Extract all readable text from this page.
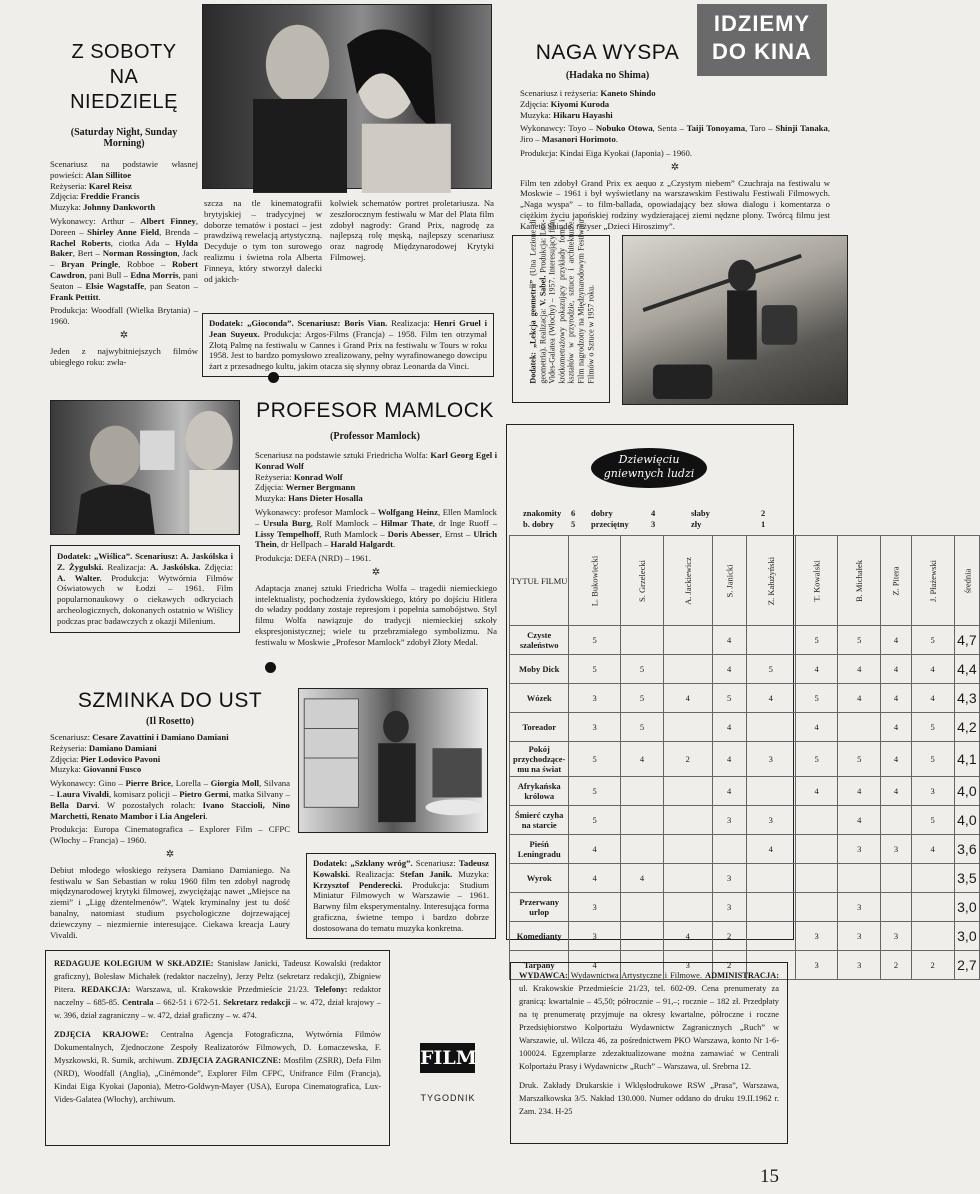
IDZIEMY
DO KINA
Z SOBOTY
NA
NIEDZIELĘ
(Saturday Night, Sunday Morning)

Scenariusz na podstawie własnej powieści: Alan Sillitoe
Reżyseria: Karel Reisz
Zdjęcia: Freddie Francis
Muzyka: Johnny Dankworth

Wykonawcy: Arthur – Albert Finney, Doreen – Shirley Anne Field, Brenda – Rachel Roberts, ciotka Ada – Hylda Baker, Bert – Norman Rossington, Jack – Bryan Pringle, Robboe – Robert Cawdron, pani Bull – Edna Morris, pani Seaton – Elsie Wagstaffe, pan Seaton – Frank Pettitt.

Produkcja: Woodfall (Wielka Brytania) – 1960.

✲

Jeden z najwybitniejszych filmów ubiegłego roku: zwła-

szcza na tle kinematografii brytyjskiej – tradycyjnej w doborze tematów i postaci – jest prawdziwą rewelacją artystyczną. Decyduje o tym ton surowego realizmu i świetna rola Alberta Finneya, który stworzył dalecki od jakich-
kolwiek schematów portret proletariusza. Na zeszłorocznym festiwalu w Mar del Plata film zdobył nagrody: Grand Prix, nagrodę za najlepszą rolę męską, najlepszy scenariusz oraz nagrodę Międzynarodowej Krytyki Filmowej.
Dodatek: „Gioconda”. Scenariusz: Boris Vian. Realizacja: Henri Gruel i Jean Suyeux. Produkcja: Argos-Films (Francja) – 1958. Film ten otrzymał Złotą Palmę na festiwalu w Cannes i Grand Prix na festiwalu w Tours w roku 1958. Jest to bardzo pomysłowo zrealizowany, pełny wyrafinowanego dowcipu żart z przesadnego kultu, jakim otacza się słynny obraz Leonarda da Vinci.
NAGA WYSPA
(Hadaka no Shima)

Scenariusz i reżyseria: Kaneto Shindo
Zdjęcia: Kiyomi Kuroda
Muzyka: Hikaru Hayashi

Wykonawcy: Toyo – Nobuko Otowa, Senta – Taiji Tonoyama, Taro – Shinji Tanaka, Jiro – Masanori Horimoto.

Produkcja: Kindai Eiga Kyokai (Japonia) – 1960.

✲

Film ten zdobył Grand Prix ex aequo z „Czystym niebem” Czuchraja na festiwalu w Moskwie – 1961 i był wyświetlany na warszawskim Festiwalu Festiwali Filmowych. „Naga wyspa” – to film-ballada, opowiadający bez słowa dialogu i komentarza o ciężkim życiu japońskiej rodziny wydzierającej ziemi nędzne plony. Twórcą filmu jest Kaneto Shindo, reżyser „Dzieci Hiroszimy”.

Dodatek: „Lekcja geometrii” (Una Lezione di geometria). Realizacja: V. Sabel. Produkcja: Lux-Vides-Galatea (Włochy) – 1957. Interesujący film krótkometrażowy pokazujący przykłady form i kształtów w przyrodzie, sztuce i architekturze. Film nagrodzony na Międzynarodowym Festiwalu Filmów o Sztuce w 1957 roku.
Dodatek: „Wiślica”. Scenariusz: A. Jaskólska i Z. Żygulski. Realizacja: A. Jaskólska. Zdjęcia: A. Walter. Produkcja: Wytwórnia Filmów Oświatowych w Łodzi – 1961. Film popularnonaukowy o ciekawych odkryciach archeologicznych, dokonanych ostatnio w Wiślicy podczas prac badawczych z okazji Milenium.
PROFESOR MAMLOCK
(Professor Mamlock)

Scenariusz na podstawie sztuki Friedricha Wolfa: Karl Georg Egel i Konrad Wolf
Reżyseria: Konrad Wolf
Zdjęcia: Werner Bergmann
Muzyka: Hans Dieter Hosalla

Wykonawcy: profesor Mamlock – Wolfgang Heinz, Ellen Mamlock – Ursula Burg, Rolf Mamlock – Hilmar Thate, dr Inge Ruoff – Lissy Tempelhoff, Ruth Mamlock – Doris Abesser, Ernst – Ulrich Thein, dr Hellpach – Harald Halgardt.

Produkcja: DEFA (NRD) – 1961.

✲

Adaptacja znanej sztuki Friedricha Wolfa – tragedii niemieckiego intelektualisty, pochodzenia żydowskiego, który po dojściu Hitlera do władzy poddany zostaje represjom i popełnia samobójstwo. Styl filmu Wolfa nawiązuje do tradycji niemieckiej szkoły ekspresjonistycznej; wiele tu przebrzmiałego symbolizmu. Na festiwalu w Moskwie „Profesor Mamlock” zdobył Złoty Medal.

SZMINKA DO UST
(Il Rosetto)

Scenariusz: Cesare Zavattini i Damiano Damiani
Reżyseria: Damiano Damiani
Zdjęcia: Pier Lodovico Pavoni
Muzyka: Giovanni Fusco

Wykonawcy: Gino – Pierre Brice, Lorella – Giorgia Moll, Silvana – Laura Vivaldi, komisarz policji – Pietro Germi, matka Silvany – Bella Darvi. W pozostałych rolach: Ivano Staccioli, Nino Marchetti, Renato Mambor i Lia Angeleri.

Produkcja: Europa Cinematografica – Explorer Film – CFPC (Włochy – Francja) – 1960.

✲

Debiut młodego włoskiego reżysera Damiano Damianiego. Na festiwalu w San Sebastian w roku 1960 film ten zdobył nagrodę międzynarodowej krytyki filmowej, zwyciężając nawet „Miejsce na ziemi” i „Ligę dżentelmenów”. Wątek kryminalny jest tu dość banalny, natomiast studium psychologiczne dojrzewającej dziewczyny – niezmiernie interesujące. Ciekawa kreacja Laury Vivaldi.

Dodatek: „Szklany wróg”. Scenariusz: Tadeusz Kowalski. Realizacja: Stefan Janik. Muzyka: Krzysztof Penderecki. Produkcja: Studium Miniatur Filmowych w Warszawie – 1961. Barwny film eksperymentalny. Interesująca forma graficzna, świetne tempo i bardzo dobrze dostosowana do tematu muzyka konkretna.
Dziewięciu
gniewnych ludzi
znakomity	6	dobry	4	słaby	2
b. dobry	5	przeciętny	3	zły	1
TYTUŁ FILMU	L. Bukowiecki	S. Grzelecki	A. Jackiewicz	S. Janicki	Z. Kałużyński	T. Kowalski	B. Michałek	Z. Pitera	J. Płażewski	średnia
Czyste szaleństwo	5			4		5	5	4	5	4,7
Moby Dick	5	5		4	5	4	4	4	4	4,4
Wózek	3	5	4	5	4	5	4	4	4	4,3
Toreador	3	5		4		4		4	5	4,2
Pokój przychodzące-mu na świat	5	4	2	4	3	5	5	4	5	4,1
Afrykańska królowa	5			4		4	4	4	3	4,0
Śmierć czyha na starcie	5			3	3		4		5	4,0
Pieśń Leningradu	4				4		3	3	4	3,6
Wyrok	4	4		3						3,5
Przerwany urlop	3			3			3			3,0
Komedianty	3		4	2		3	3	3		3,0
Tarpany	4		3	2		3	3	2	2	2,7

REDAGUJE KOLEGIUM W SKŁADZIE: Stanisław Janicki, Tadeusz Kowalski (redaktor graficzny), Bolesław Michałek (redaktor naczelny), Jerzy Peltz (sekretarz redakcji), Zbigniew Pitera. REDAKCJA: Warszawa, ul. Krakowskie Przedmieście 21/23. Telefony: redaktor naczelny – 685-85. Centrala – 662-51 i 672-51. Sekretarz redakcji – w. 472, dział krajowy – w. 396, dział zagraniczny – w. 472, dział graficzny – w. 474.

ZDJĘCIA KRAJOWE: Centralna Agencja Fotograficzna, Wytwórnia Filmów Dokumentalnych, Zjednoczone Zespoły Realizatorów Filmowych, D. Łomaczewska, F. Myszkowski, R. Sumik, archiwum. ZDJĘCIA ZAGRANICZNE: Mosfilm (ZSRR), Defa Film (NRD), Woodfall (Anglia), „Cinémonde”, Explorer Film CFPC, Unifrance Film (Francja), Kindai Eiga Kyokai (Japonia), Metro-Goldwyn-Mayer (USA), Europa Cinematografica, Lux-Vides-Galatea (Włochy), archiwum.

FILM
TYGODNIK

WYDAWCA: Wydawnictwa Artystyczne i Filmowe. ADMINISTRACJA: ul. Krakowskie Przedmieście 21/23, tel. 602-09. Cena prenumeraty za granicą: kwartalnie – 45,50; półrocznie – 91,–; rocznie – 182 zł. Przedpłaty na tę prenumeratę przyjmuje na okresy kwartalne, półroczne i roczne Przedsiębiorstwo Kolportażu Wydawnictw Zagranicznych „Ruch” w Warszawie, ul. Wilcza 46, za pośrednictwem PKO Warszawa, konto Nr 1-6-100024. Egzemplarze zdezaktualizowane można zamawiać w Centrali Kolportażu Prasy i Wydawnictw „Ruch” – Warszawa, ul. Srebrna 12.

Druk. Zakłady Drukarskie i Wklęsłodrukowe RSW „Prasa”, Warszawa, Marszałkowska 3/5. Nakład 130.000. Numer oddano do druku 19.II.1962 r. Zam. 234. H-25

15
